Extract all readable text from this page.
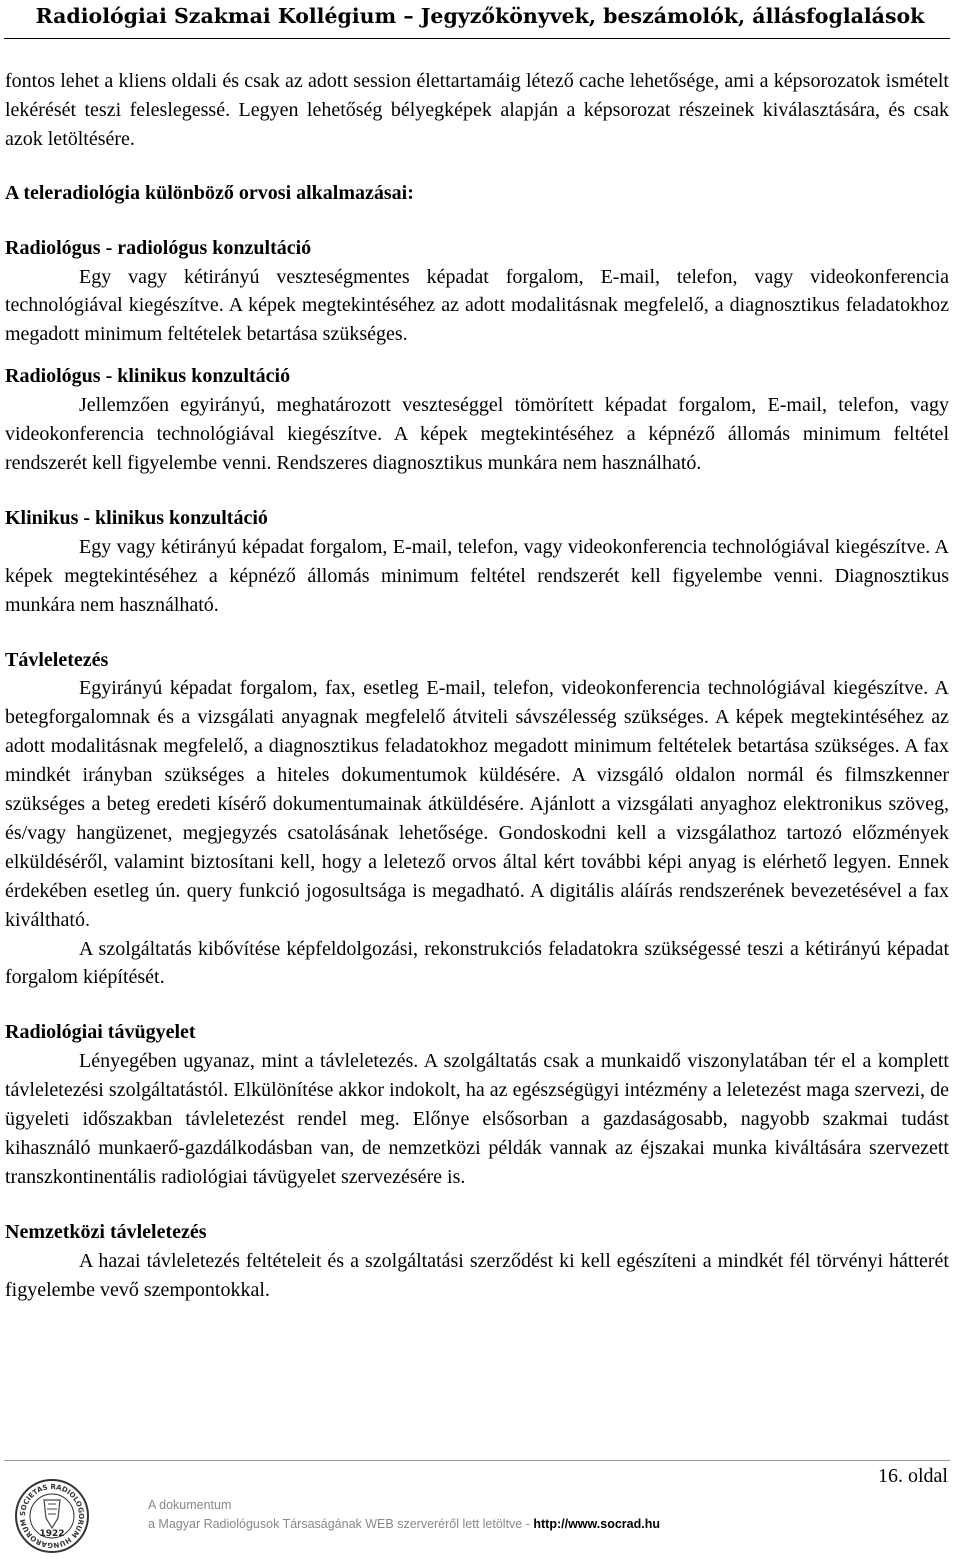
Radiológiai Szakmai Kollégium – Jegyzőkönyvek, beszámolók, állásfoglalások

fontos lehet a kliens oldali és csak az adott session élettartamáig létező cache lehetősége, ami a képsorozatok ismételt lekérését teszi feleslegessé. Legyen lehetőség bélyegképek alapján a képsorozat részeinek kiválasztására, és csak azok letöltésére.

A teleradiológia különböző orvosi alkalmazásai:

Radiológus - radiológus konzultáció

Egy vagy kétirányú veszteségmentes képadat forgalom, E-mail, telefon, vagy videokonferencia technológiával kiegészítve. A képek megtekintéséhez az adott modalitásnak megfelelő, a diagnosztikus feladatokhoz megadott minimum feltételek betartása szükséges.

Radiológus - klinikus konzultáció

Jellemzően egyirányú, meghatározott veszteséggel tömörített képadat forgalom, E-mail, telefon, vagy videokonferencia technológiával kiegészítve. A képek megtekintéséhez a képnéző állomás minimum feltétel rendszerét kell figyelembe venni. Rendszeres diagnosztikus munkára nem használható.

Klinikus - klinikus konzultáció

Egy vagy kétirányú képadat forgalom, E-mail, telefon, vagy videokonferencia technológiával kiegészítve. A képek megtekintéséhez a képnéző állomás minimum feltétel rendszerét kell figyelembe venni. Diagnosztikus munkára nem használható.

Távleletezés

Egyirányú képadat forgalom, fax, esetleg E-mail, telefon, videokonferencia technológiával kiegészítve. A betegforgalomnak és a vizsgálati anyagnak megfelelő átviteli sávszélesség szükséges. A képek megtekintéséhez az adott modalitásnak megfelelő, a diagnosztikus feladatokhoz megadott minimum feltételek betartása szükséges. A fax mindkét irányban szükséges a hiteles dokumentumok küldésére. A vizsgáló oldalon normál és filmszkenner szükséges a beteg eredeti kísérő dokumentumainak átküldésére. Ajánlott a vizsgálati anyaghoz elektronikus szöveg, és/vagy hangüzenet, megjegyzés csatolásának lehetősége. Gondoskodni kell a vizsgálathoz tartozó előzmények elküldéséről, valamint biztosítani kell, hogy a leletező orvos által kért további képi anyag is elérhető legyen. Ennek érdekében esetleg ún. query funkció jogosultsága is megadható. A digitális aláírás rendszerének bevezetésével a fax kiváltható.

A szolgáltatás kibővítése képfeldolgozási, rekonstrukciós feladatokra szükségessé teszi a kétirányú képadat forgalom kiépítését.

Radiológiai távügyelet

Lényegében ugyanaz, mint a távleletezés. A szolgáltatás csak a munkaidő viszonylatában tér el a komplett távleletezési szolgáltatástól. Elkülönítése akkor indokolt, ha az egészségügyi intézmény a leletezést maga szervezi, de ügyeleti időszakban távleletezést rendel meg. Előnye elsősorban a gazdaságosabb, nagyobb szakmai tudást kihasználó munkaerő-gazdálkodásban van, de nemzetközi példák vannak az éjszakai munka kiváltására szervezett transzkontinentális radiológiai távügyelet szervezésére is.

Nemzetközi távleletezés

A hazai távleletezés feltételeit és a szolgáltatási szerződést ki kell egészíteni a mindkét fél törvényi hátterét figyelembe vevő szempontokkal.

16. oldal
SOCIETAS RADIOLOGORUM HUNGARORUM
1922
A dokumentum
a Magyar Radiológusok Társaságának WEB szerveréről lett letöltve - http://www.socrad.hu
